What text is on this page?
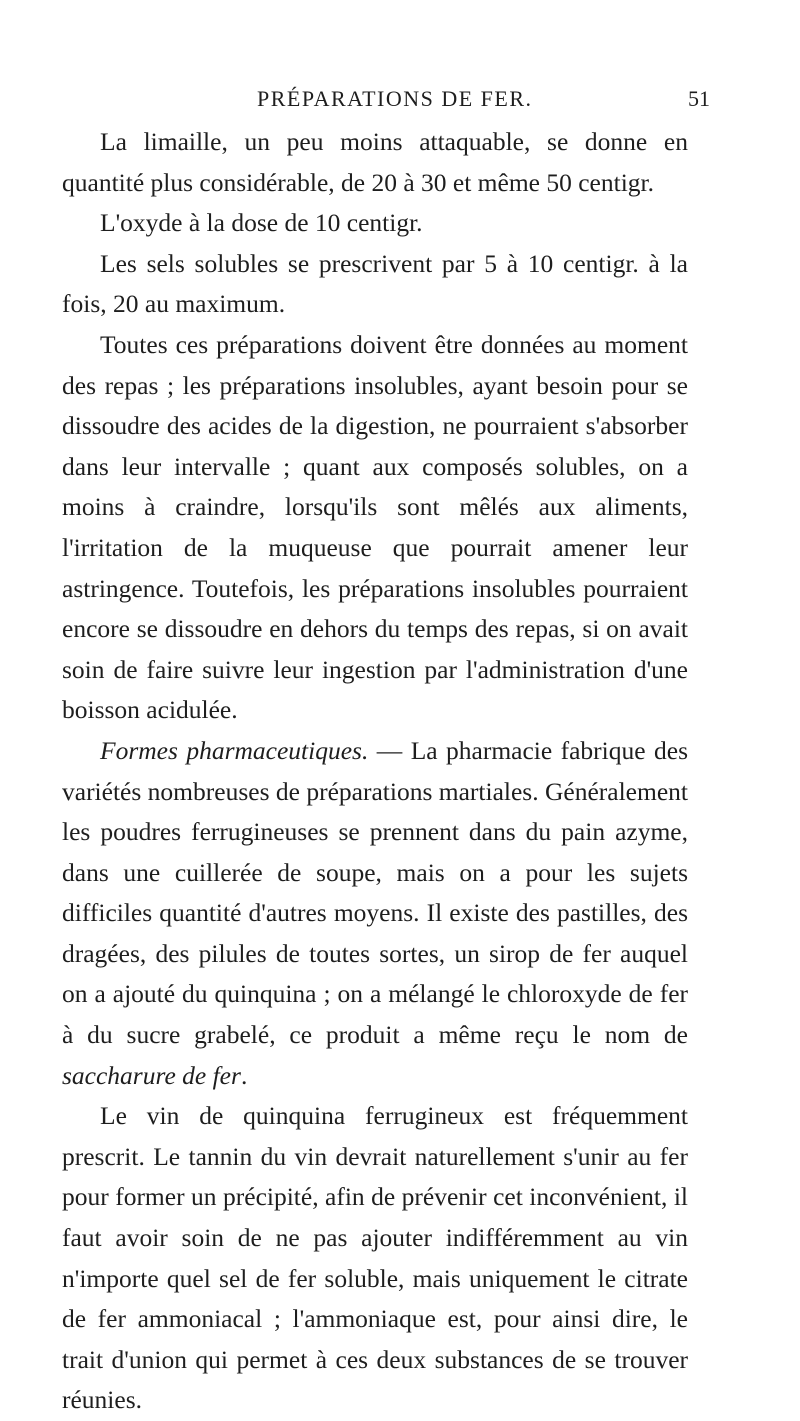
PRÉPARATIONS DE FER.	51

La limaille, un peu moins attaquable, se donne en quantité plus considérable, de 20 à 30 et même 50 centigr.

L'oxyde à la dose de 10 centigr.

Les sels solubles se prescrivent par 5 à 10 centigr. à la fois, 20 au maximum.

Toutes ces préparations doivent être données au moment des repas ; les préparations insolubles, ayant besoin pour se dissoudre des acides de la digestion, ne pourraient s'absorber dans leur intervalle ; quant aux composés solubles, on a moins à craindre, lorsqu'ils sont mêlés aux aliments, l'irritation de la muqueuse que pourrait amener leur astringence. Toutefois, les préparations insolubles pourraient encore se dissoudre en dehors du temps des repas, si on avait soin de faire suivre leur ingestion par l'administration d'une boisson acidulée.

Formes pharmaceutiques. — La pharmacie fabrique des variétés nombreuses de préparations martiales. Généralement les poudres ferrugineuses se prennent dans du pain azyme, dans une cuillerée de soupe, mais on a pour les sujets difficiles quantité d'autres moyens. Il existe des pastilles, des dragées, des pilules de toutes sortes, un sirop de fer auquel on a ajouté du quinquina ; on a mélangé le chloroxyde de fer à du sucre grabelé, ce produit a même reçu le nom de saccharure de fer.

Le vin de quinquina ferrugineux est fréquemment prescrit. Le tannin du vin devrait naturellement s'unir au fer pour former un précipité, afin de prévenir cet inconvénient, il faut avoir soin de ne pas ajouter indifféremment au vin n'importe quel sel de fer soluble, mais uniquement le citrate de fer ammoniacal ; l'ammoniaque est, pour ainsi dire, le trait d'union qui permet à ces deux substances de se trouver réunies.
